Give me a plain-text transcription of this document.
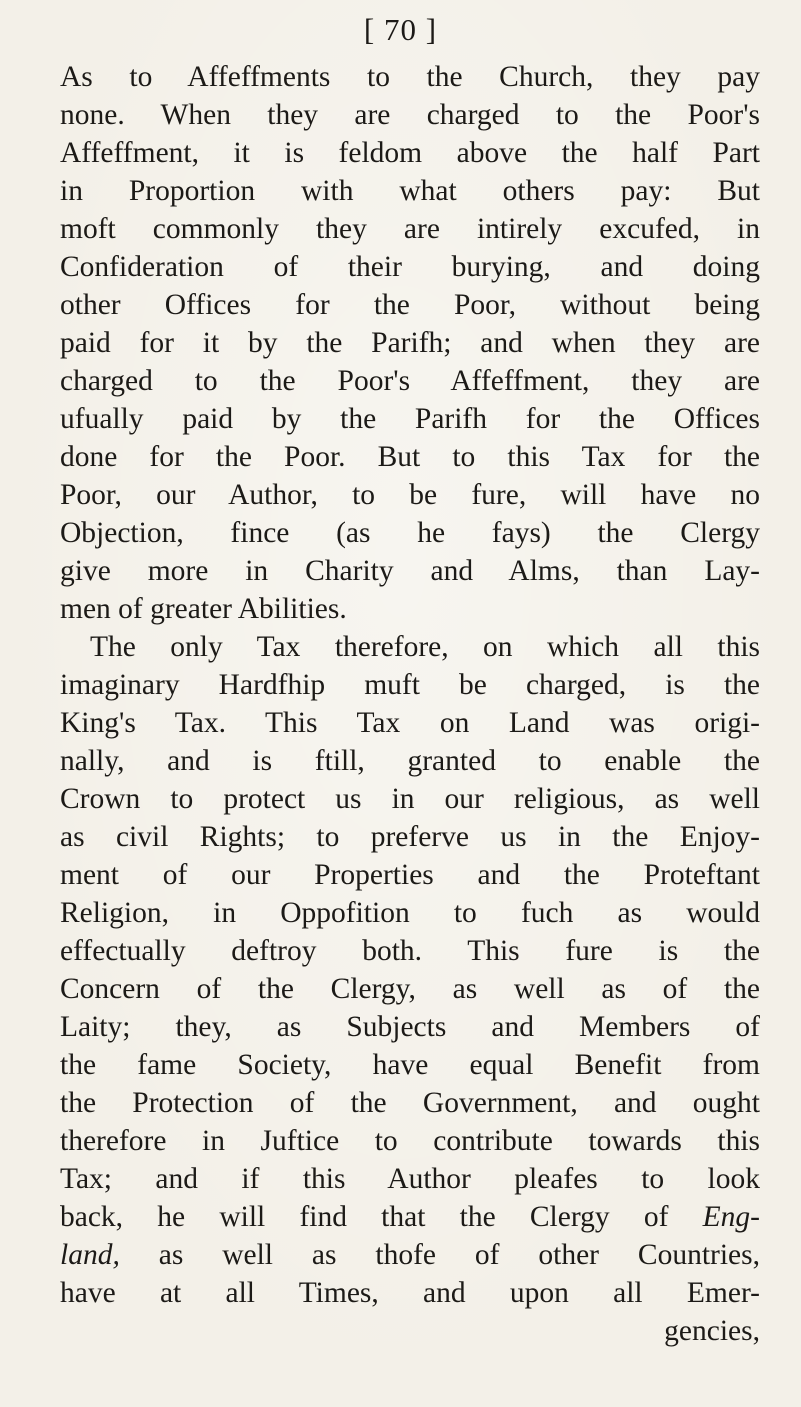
[ 70 ]
As to Affeffments to the Church, they pay
none. When they are charged to the Poor's
Affeffment, it is feldom above the half Part
in Proportion with what others pay: But
moft commonly they are intirely excufed, in
Confideration of their burying, and doing
other Offices for the Poor, without being
paid for it by the Parifh; and when they are
charged to the Poor's Affeffment, they are
ufually paid by the Parifh for the Offices
done for the Poor. But to this Tax for the
Poor, our Author, to be fure, will have no
Objection, fince (as he fays) the Clergy
give more in Charity and Alms, than Lay-
men of greater Abilities.
The only Tax therefore, on which all this
imaginary Hardfhip muft be charged, is the
King's Tax. This Tax on Land was origi-
nally, and is ftill, granted to enable the
Crown to protect us in our religious, as well
as civil Rights; to preferve us in the Enjoy-
ment of our Properties and the Proteftant
Religion, in Oppofition to fuch as would
effectually deftroy both. This fure is the
Concern of the Clergy, as well as of the
Laity; they, as Subjects and Members of
the fame Society, have equal Benefit from
the Protection of the Government, and ought
therefore in Juftice to contribute towards this
Tax; and if this Author pleafes to look
back, he will find that the Clergy of Eng-
land, as well as thofe of other Countries,
have at all Times, and upon all Emer-
gencies,
